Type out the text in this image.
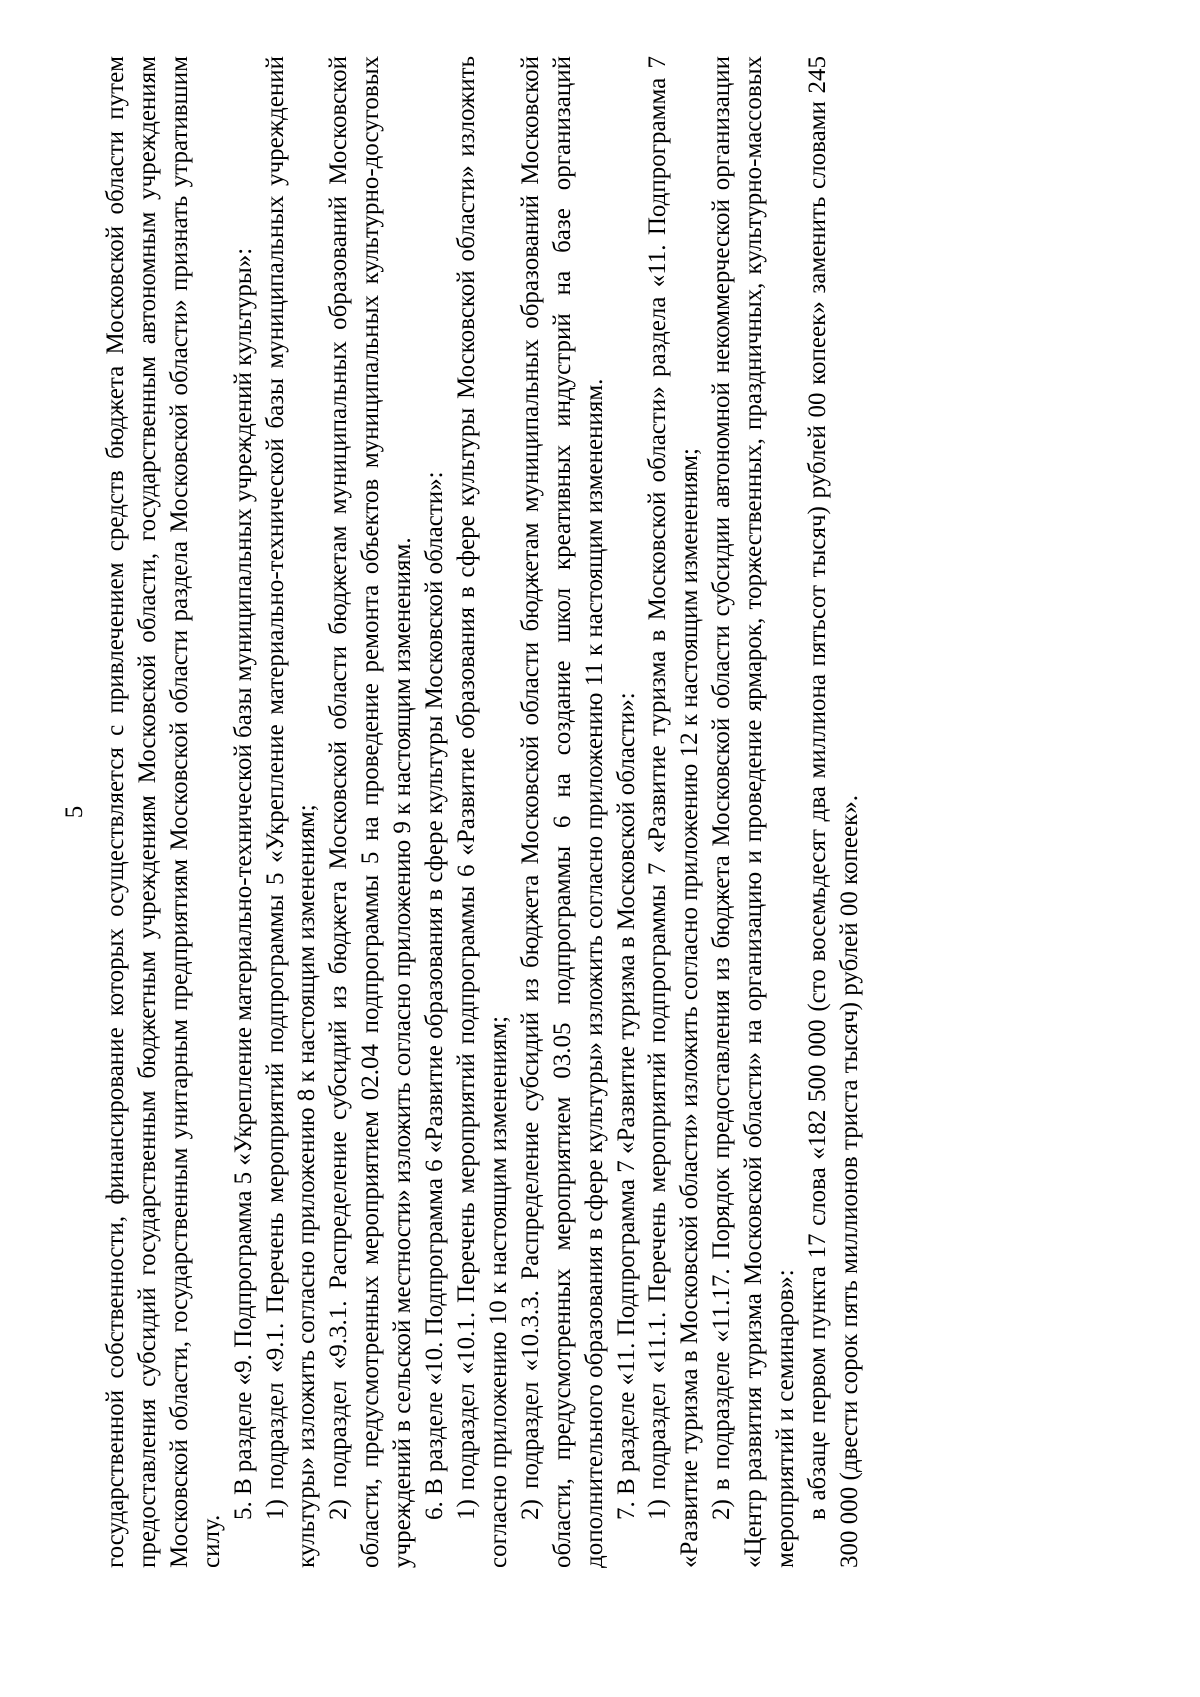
5 государственной собственности, финансирование которых осуществляется с привлечением средств бюджета Московской области путем предоставления субсидий государственным бюджетным учреждениям Московской области, государственным автономным учреждениям Московской области, государственным унитарным предприятиям Московской области раздела Московской области» признать утратившим силу.

5. В разделе «9. Подпрограмма 5 «Укрепление материально-технической базы муниципальных учреждений культуры»: 1) подраздел «9.1. Перечень мероприятий подпрограммы 5 «Укрепление материально-технической базы муниципальных учреждений культуры» изложить согласно приложению 8 к настоящим изменениям; 2) подраздел «9.3.1. Распределение субсидий из бюджета Московской области бюджетам муниципальных образований Московской области, предусмотренных мероприятием 02.04 подпрограммы 5 на проведение ремонта объектов муниципальных культурно-досуговых учреждений в сельской местности» изложить согласно приложению 9 к настоящим изменениям. 6. В разделе «10. Подпрограмма 6 «Развитие образования в сфере культуры Московской области»: 1) подраздел «10.1. Перечень мероприятий подпрограммы 6 «Развитие образования в сфере культуры Московской области» изложить согласно приложению 10 к настоящим изменениям; 2) подраздел «10.3.3. Распределение субсидий из бюджета Московской области бюджетам муниципальных образований Московской области, предусмотренных мероприятием 03.05 подпрограммы 6 на создание школ креативных индустрий на базе организаций дополнительного образования в сфере культуры» изложить согласно приложению 11 к настоящим изменениям. 7. В разделе «11. Подпрограмма 7 «Развитие туризма в Московской области»: 1) подраздел «11.1. Перечень мероприятий подпрограммы 7 «Развитие туризма в Московской области» раздела «11. Подпрограмма 7 «Развитие туризма в Московской области» изложить согласно приложению 12 к настоящим изменениям; 2) в подразделе «11.17. Порядок предоставления из бюджета Московской области субсидии автономной некоммерческой организации «Центр развития туризма Московской области» на организацию и проведение ярмарок, торжественных, праздничных, культурно-массовых мероприятий и семинаров»: в абзаце первом пункта 17 слова «182 500 000 (сто восемьдесят два миллиона пятьсот тысяч) рублей 00 копеек» заменить словами 245 300 000 (двести сорок пять миллионов триста тысяч) рублей 00 копеек».
